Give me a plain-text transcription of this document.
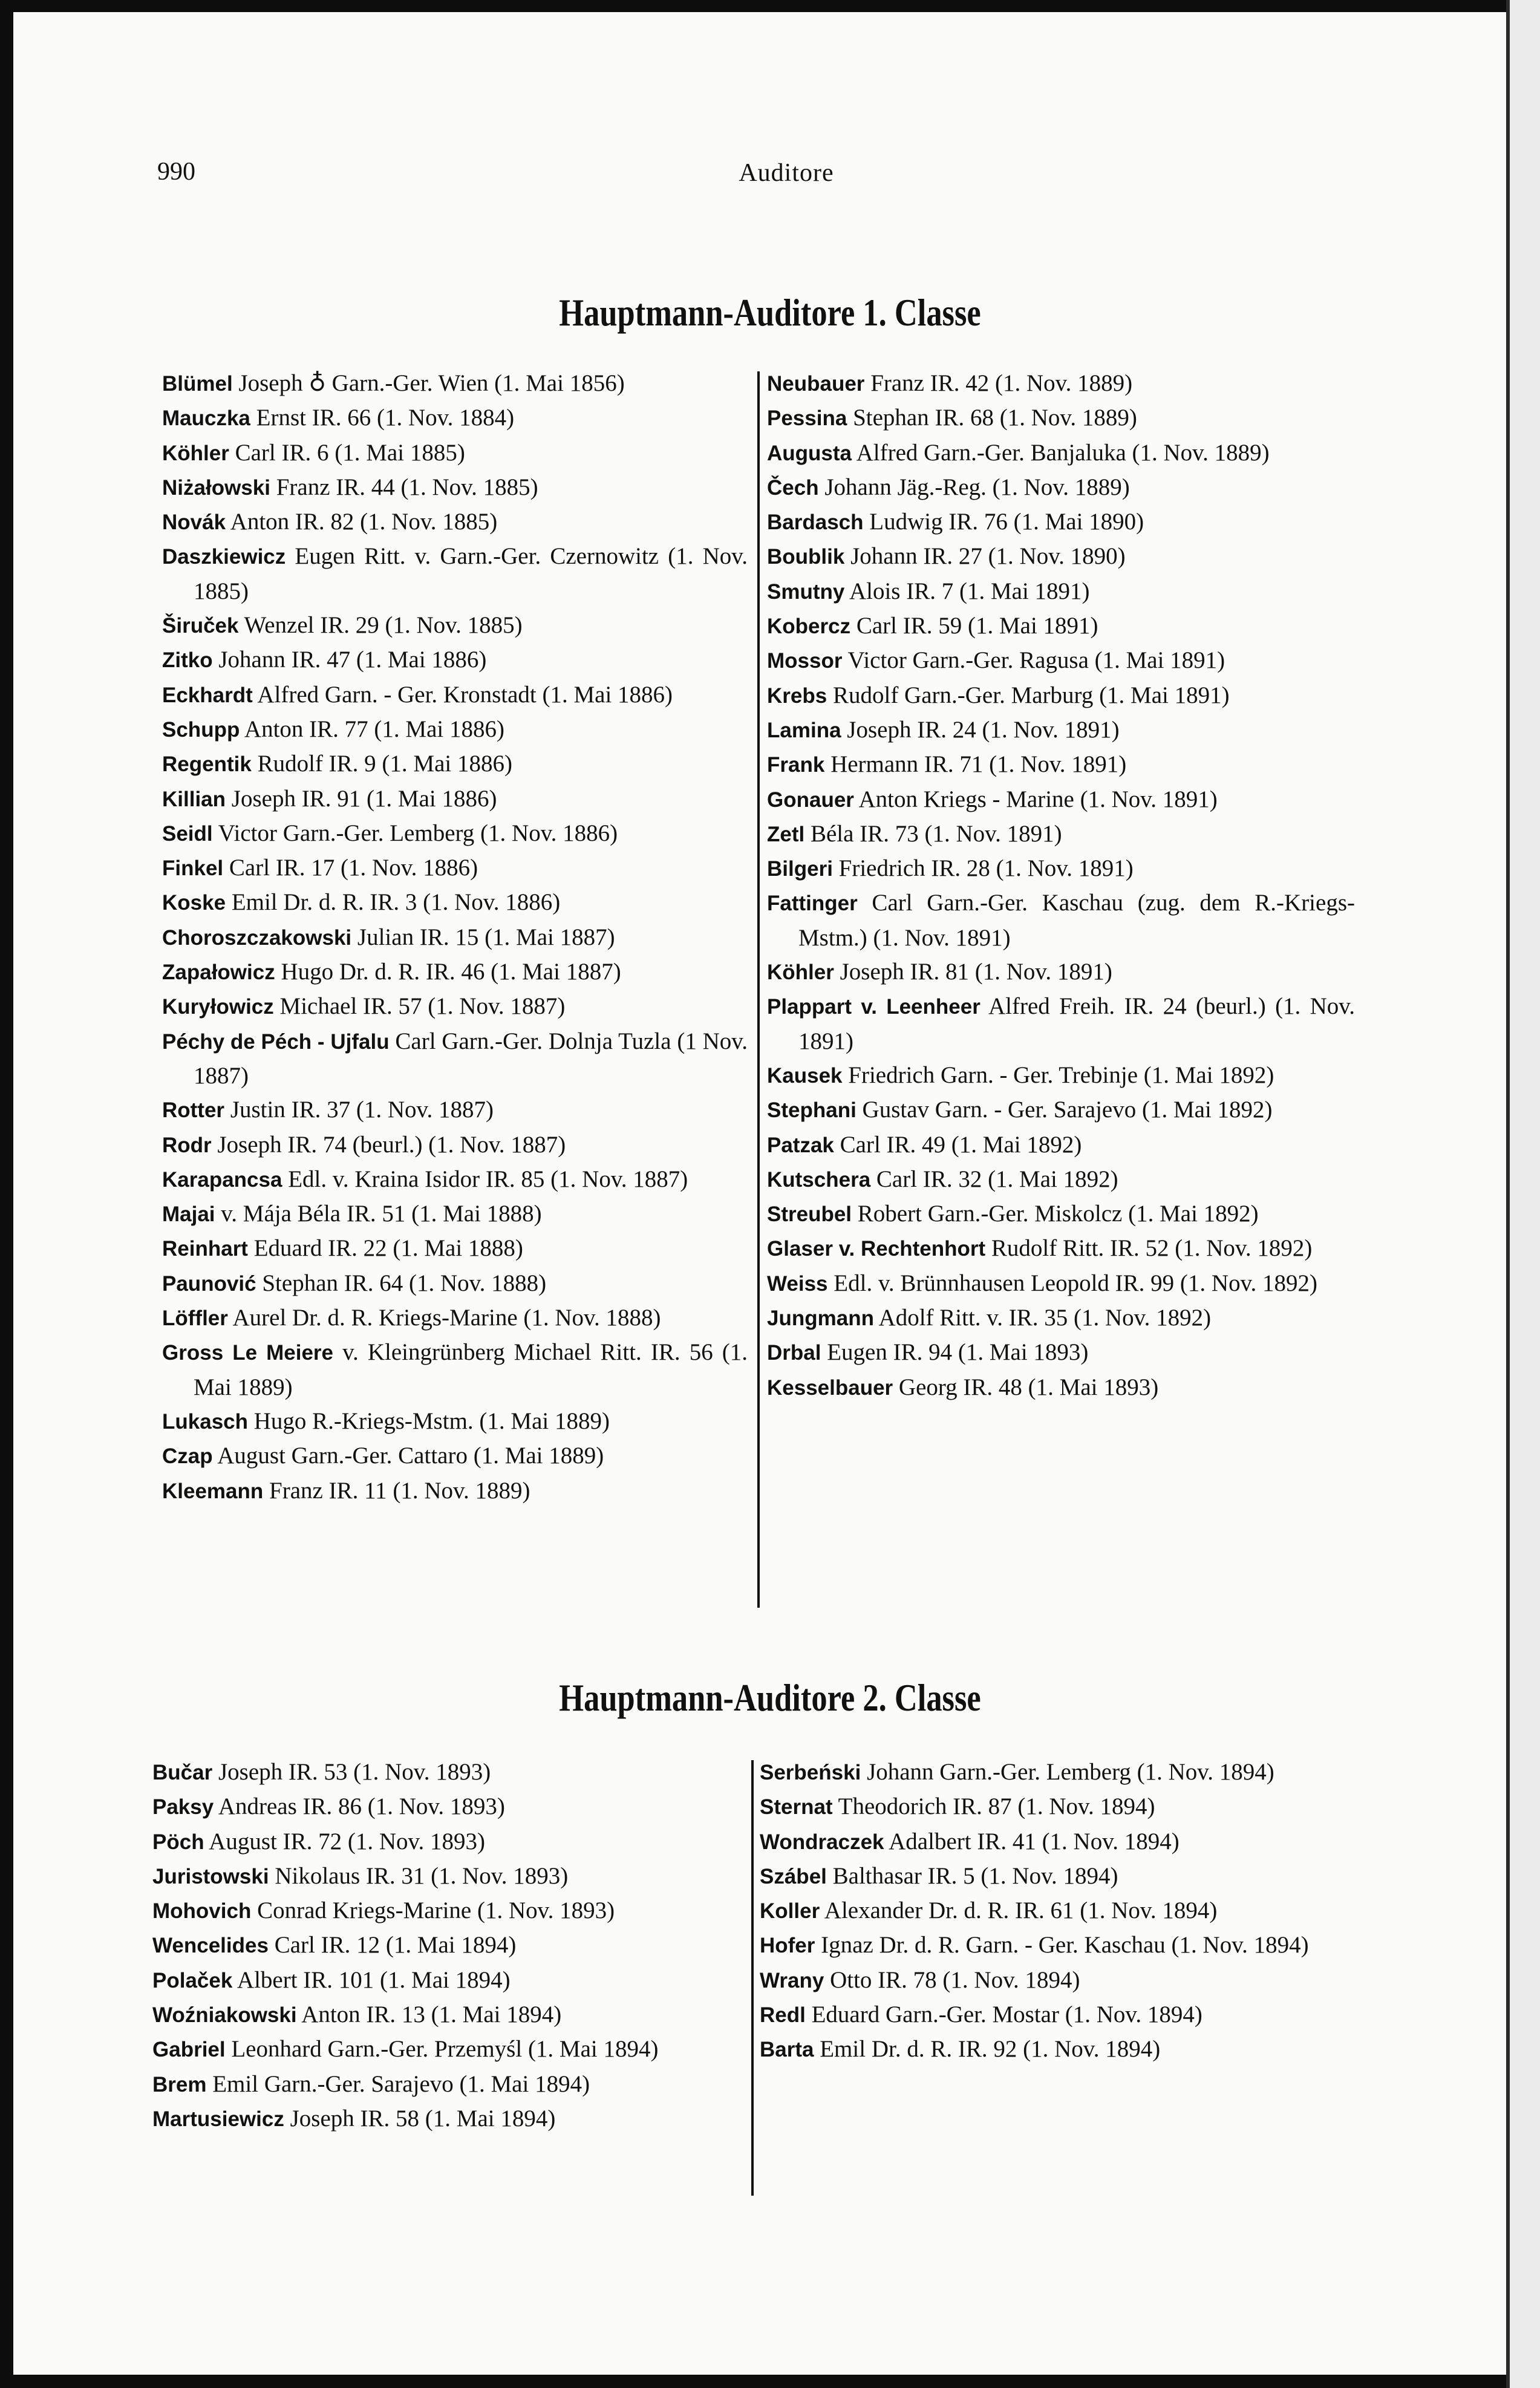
990	Auditore
Hauptmann-Auditore 1. Classe
Blümel Joseph ♁ Garn.-Ger. Wien (1. Mai 1856)
Mauczka Ernst IR. 66 (1. Nov. 1884)
Köhler Carl IR. 6 (1. Mai 1885)
Niżałowski Franz IR. 44 (1. Nov. 1885)
Novák Anton IR. 82 (1. Nov. 1885)
Daszkiewicz Eugen Ritt. v. Garn.-Ger. Czernowitz (1. Nov. 1885)
Širuček Wenzel IR. 29 (1. Nov. 1885)
Zitko Johann IR. 47 (1. Mai 1886)
Eckhardt Alfred Garn. - Ger. Kronstadt (1. Mai 1886)
Schupp Anton IR. 77 (1. Mai 1886)
Regentik Rudolf IR. 9 (1. Mai 1886)
Killian Joseph IR. 91 (1. Mai 1886)
Seidl Victor Garn.-Ger. Lemberg (1. Nov. 1886)
Finkel Carl IR. 17 (1. Nov. 1886)
Koske Emil Dr. d. R. IR. 3 (1. Nov. 1886)
Choroszczakowski Julian IR. 15 (1. Mai 1887)
Zapałowicz Hugo Dr. d. R. IR. 46 (1. Mai 1887)
Kuryłowicz Michael IR. 57 (1. Nov. 1887)
Péchy de Péch - Ujfalu Carl Garn.-Ger. Dolnja Tuzla (1 Nov. 1887)
Rotter Justin IR. 37 (1. Nov. 1887)
Rodr Joseph IR. 74 (beurl.) (1. Nov. 1887)
Karapancsa Edl. v. Kraina Isidor IR. 85 (1. Nov. 1887)
Majai v. Mája Béla IR. 51 (1. Mai 1888)
Reinhart Eduard IR. 22 (1. Mai 1888)
Paunović Stephan IR. 64 (1. Nov. 1888)
Löffler Aurel Dr. d. R. Kriegs-Marine (1. Nov. 1888)
Gross Le Meiere v. Kleingrünberg Michael Ritt. IR. 56 (1. Mai 1889)
Lukasch Hugo R.-Kriegs-Mstm. (1. Mai 1889)
Czap August Garn.-Ger. Cattaro (1. Mai 1889)
Kleemann Franz IR. 11 (1. Nov. 1889)
Neubauer Franz IR. 42 (1. Nov. 1889)
Pessina Stephan IR. 68 (1. Nov. 1889)
Augusta Alfred Garn.-Ger. Banjaluka (1. Nov. 1889)
Čech Johann Jäg.-Reg. (1. Nov. 1889)
Bardasch Ludwig IR. 76 (1. Mai 1890)
Boublik Johann IR. 27 (1. Nov. 1890)
Smutny Alois IR. 7 (1. Mai 1891)
Kobercz Carl IR. 59 (1. Mai 1891)
Mossor Victor Garn.-Ger. Ragusa (1. Mai 1891)
Krebs Rudolf Garn.-Ger. Marburg (1. Mai 1891)
Lamina Joseph IR. 24 (1. Nov. 1891)
Frank Hermann IR. 71 (1. Nov. 1891)
Gonauer Anton Kriegs - Marine (1. Nov. 1891)
Zetl Béla IR. 73 (1. Nov. 1891)
Bilgeri Friedrich IR. 28 (1. Nov. 1891)
Fattinger Carl Garn.-Ger. Kaschau (zug. dem R.-Kriegs-Mstm.) (1. Nov. 1891)
Köhler Joseph IR. 81 (1. Nov. 1891)
Plappart v. Leenheer Alfred Freih. IR. 24 (beurl.) (1. Nov. 1891)
Kausek Friedrich Garn. - Ger. Trebinje (1. Mai 1892)
Stephani Gustav Garn. - Ger. Sarajevo (1. Mai 1892)
Patzak Carl IR. 49 (1. Mai 1892)
Kutschera Carl IR. 32 (1. Mai 1892)
Streubel Robert Garn.-Ger. Miskolcz (1. Mai 1892)
Glaser v. Rechtenhort Rudolf Ritt. IR. 52 (1. Nov. 1892)
Weiss Edl. v. Brünnhausen Leopold IR. 99 (1. Nov. 1892)
Jungmann Adolf Ritt. v. IR. 35 (1. Nov. 1892)
Drbal Eugen IR. 94 (1. Mai 1893)
Kesselbauer Georg IR. 48 (1. Mai 1893)
Hauptmann-Auditore 2. Classe
Bučar Joseph IR. 53 (1. Nov. 1893)
Paksy Andreas IR. 86 (1. Nov. 1893)
Pöch August IR. 72 (1. Nov. 1893)
Juristowski Nikolaus IR. 31 (1. Nov. 1893)
Mohovich Conrad Kriegs-Marine (1. Nov. 1893)
Wencelides Carl IR. 12 (1. Mai 1894)
Polaček Albert IR. 101 (1. Mai 1894)
Woźniakowski Anton IR. 13 (1. Mai 1894)
Gabriel Leonhard Garn.-Ger. Przemyśl (1. Mai 1894)
Brem Emil Garn.-Ger. Sarajevo (1. Mai 1894)
Martusiewicz Joseph IR. 58 (1. Mai 1894)
Serbeński Johann Garn.-Ger. Lemberg (1. Nov. 1894)
Sternat Theodorich IR. 87 (1. Nov. 1894)
Wondraczek Adalbert IR. 41 (1. Nov. 1894)
Szábel Balthasar IR. 5 (1. Nov. 1894)
Koller Alexander Dr. d. R. IR. 61 (1. Nov. 1894)
Hofer Ignaz Dr. d. R. Garn. - Ger. Kaschau (1. Nov. 1894)
Wrany Otto IR. 78 (1. Nov. 1894)
Redl Eduard Garn.-Ger. Mostar (1. Nov. 1894)
Barta Emil Dr. d. R. IR. 92 (1. Nov. 1894)
